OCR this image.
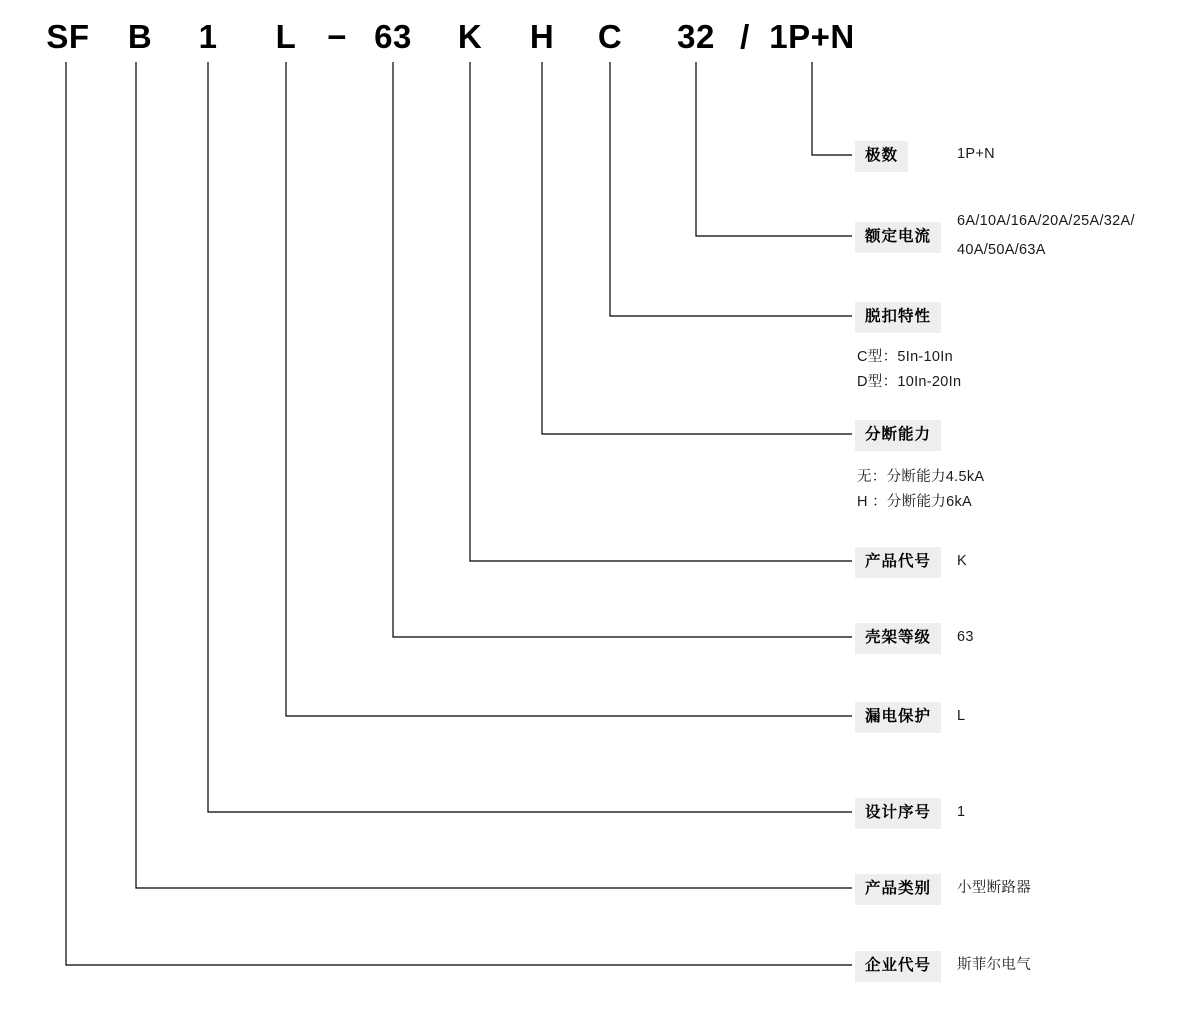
SF B 1 L − 63 K H C 32 / 1P+N
极数	1P+N
额定电流
6A/10A/16A/20A/25A/32A/
40A/50A/63A
脱扣特性
C型：5In-10In
D型：10In-20In
分断能力
无：分断能力4.5kA
H ：分断能力6kA
产品代号	K
壳架等级	63
漏电保护	L
设计序号	1
产品类别	小型断路器
企业代号	斯菲尔电气
